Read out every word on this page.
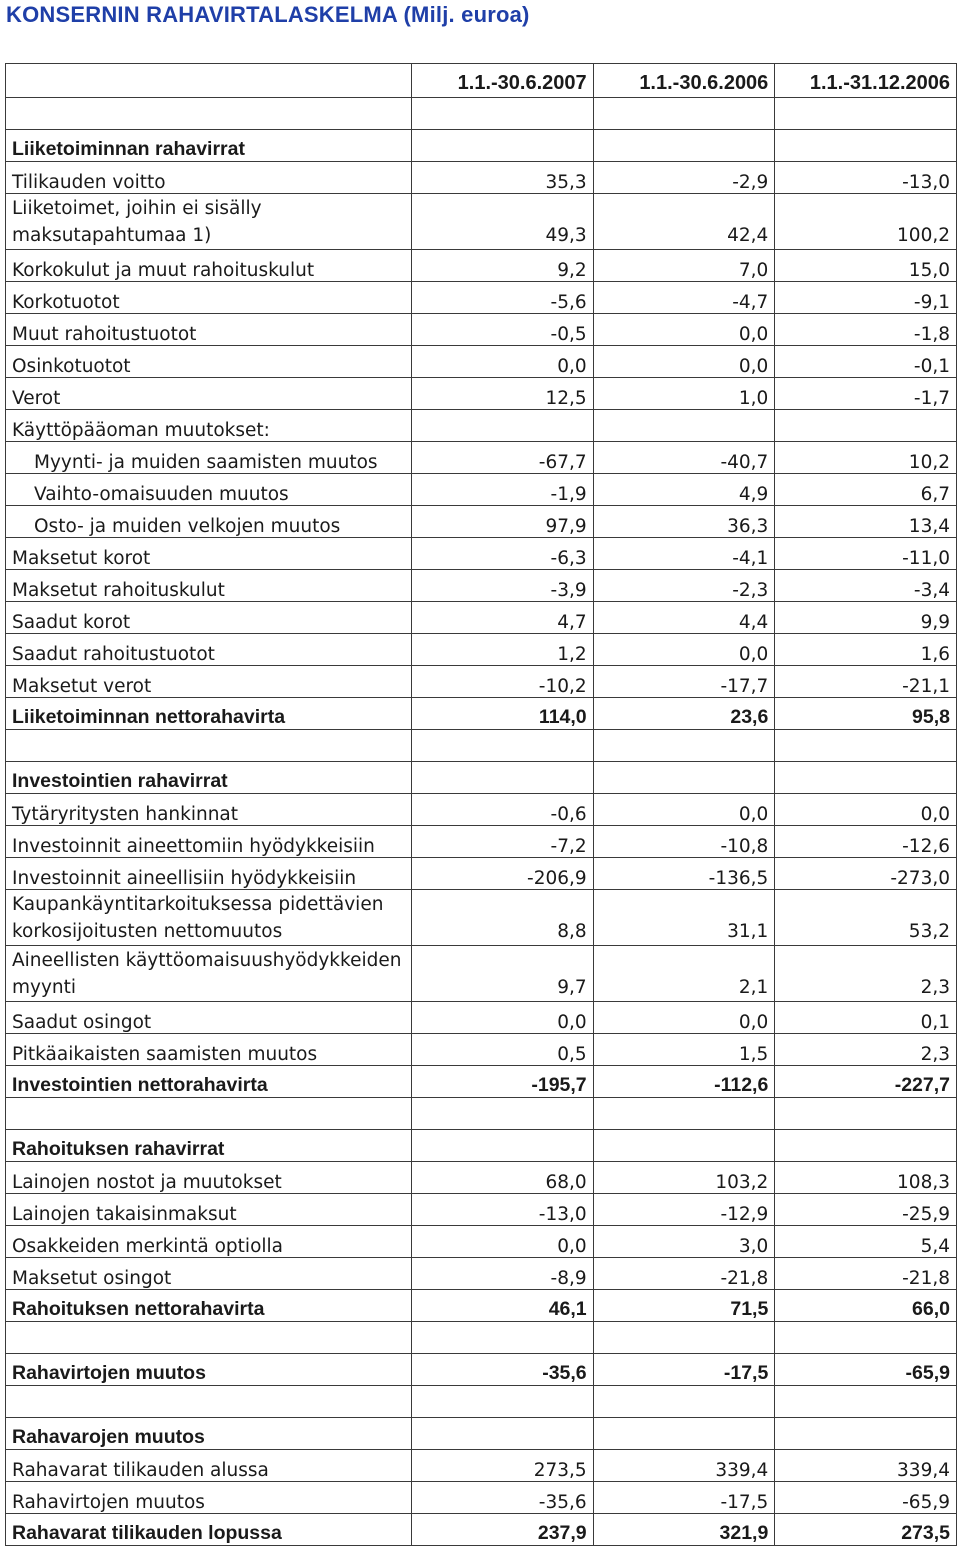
KONSERNIN RAHAVIRTALASKELMA (Milj. euroa)
	1.1.-30.6.2007	1.1.-30.6.2006	1.1.-31.12.2006

Liiketoiminnan rahavirrat			
Tilikauden voitto	35,3	-2,9	-13,0
Liiketoimet, joihin ei sisälly maksutapahtumaa 1)	49,3	42,4	100,2
Korkokulut ja muut rahoituskulut	9,2	7,0	15,0
Korkotuotot	-5,6	-4,7	-9,1
Muut rahoitustuotot	-0,5	0,0	-1,8
Osinkotuotot	0,0	0,0	-0,1
Verot	12,5	1,0	-1,7
Käyttöpääoman muutokset:			
Myynti- ja muiden saamisten muutos	-67,7	-40,7	10,2
Vaihto-omaisuuden muutos	-1,9	4,9	6,7
Osto- ja muiden velkojen muutos	97,9	36,3	13,4
Maksetut korot	-6,3	-4,1	-11,0
Maksetut rahoituskulut	-3,9	-2,3	-3,4
Saadut korot	4,7	4,4	9,9
Saadut rahoitustuotot	1,2	0,0	1,6
Maksetut verot	-10,2	-17,7	-21,1
Liiketoiminnan nettorahavirta	114,0	23,6	95,8

Investointien rahavirrat			
Tytäryritysten hankinnat	-0,6	0,0	0,0
Investoinnit aineettomiin hyödykkeisiin	-7,2	-10,8	-12,6
Investoinnit aineellisiin hyödykkeisiin	-206,9	-136,5	-273,0
Kaupankäyntitarkoituksessa pidettävien korkosijoitusten nettomuutos	8,8	31,1	53,2
Aineellisten käyttöomaisuushyödykkeiden myynti	9,7	2,1	2,3
Saadut osingot	0,0	0,0	0,1
Pitkäaikaisten saamisten muutos	0,5	1,5	2,3
Investointien nettorahavirta	-195,7	-112,6	-227,7

Rahoituksen rahavirrat			
Lainojen nostot ja muutokset	68,0	103,2	108,3
Lainojen takaisinmaksut	-13,0	-12,9	-25,9
Osakkeiden merkintä optiolla	0,0	3,0	5,4
Maksetut osingot	-8,9	-21,8	-21,8
Rahoituksen nettorahavirta	46,1	71,5	66,0

Rahavirtojen muutos	-35,6	-17,5	-65,9

Rahavarojen muutos			
Rahavarat tilikauden alussa	273,5	339,4	339,4
Rahavirtojen muutos	-35,6	-17,5	-65,9
Rahavarat tilikauden lopussa	237,9	321,9	273,5
